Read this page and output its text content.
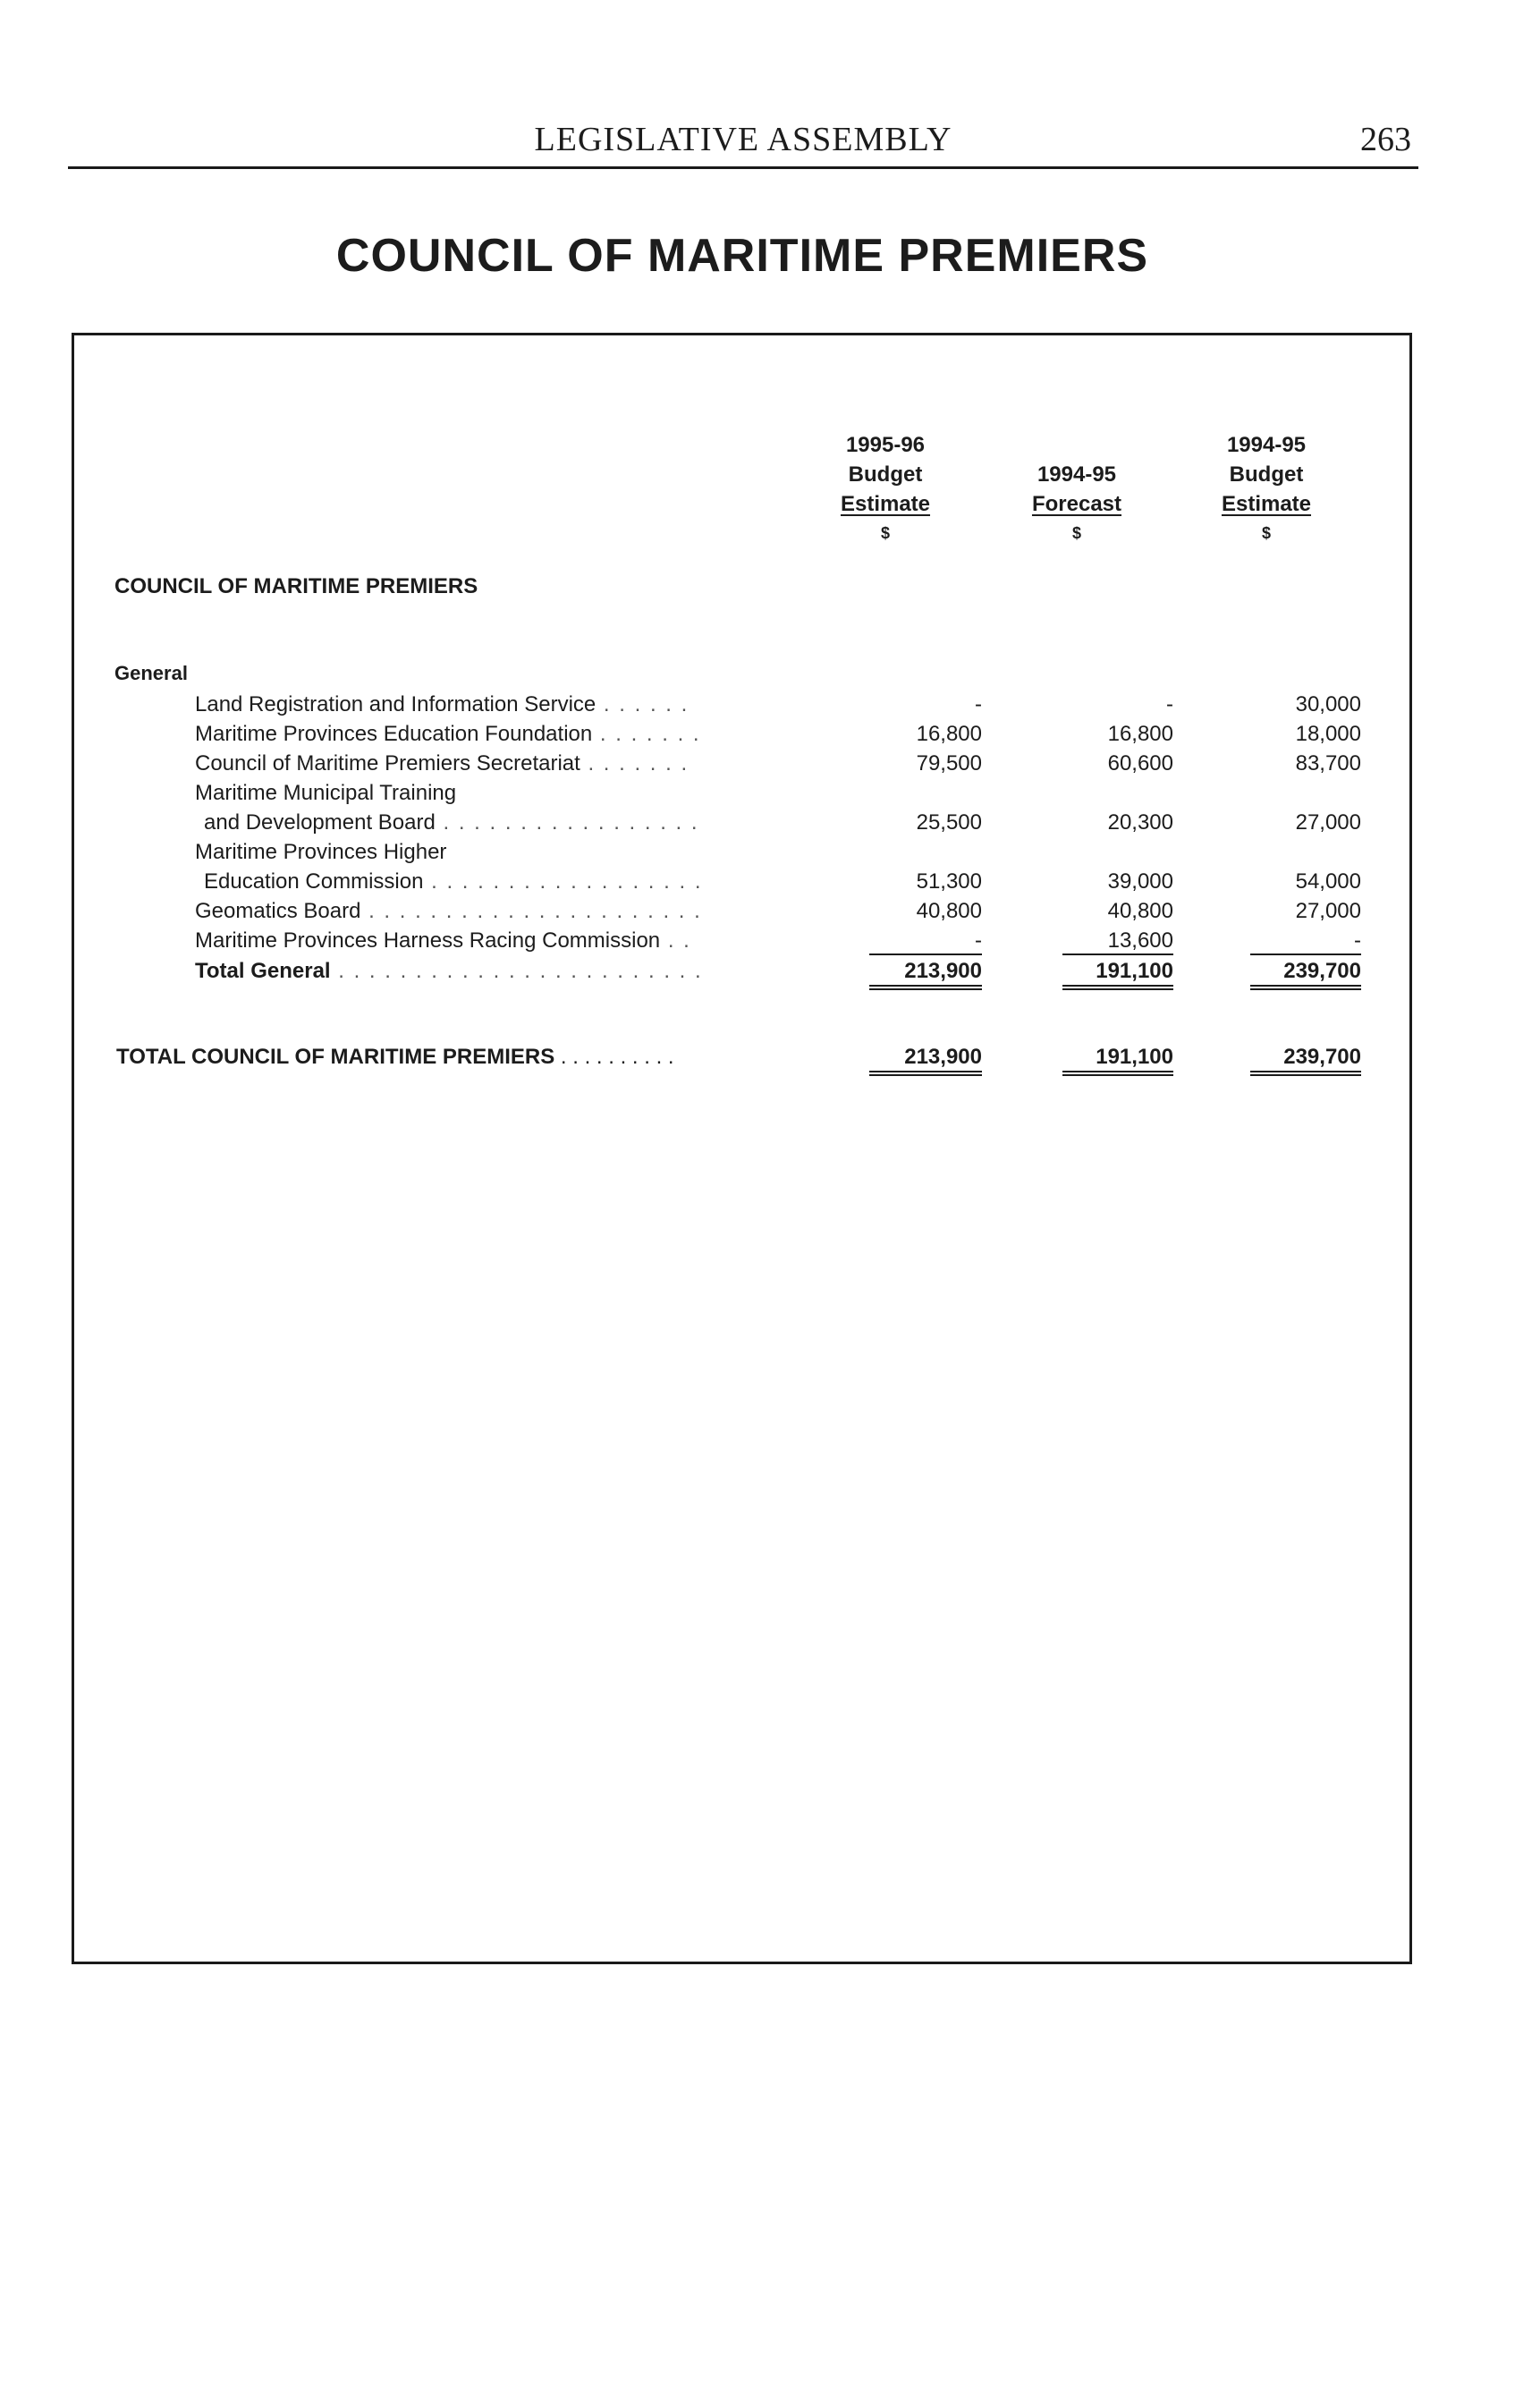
LEGISLATIVE ASSEMBLY	263
COUNCIL OF MARITIME PREMIERS
1995-96
Budget
Estimate
$

1994-95
Forecast
$
1994-95
Budget
Estimate
$
COUNCIL OF MARITIME PREMIERS
General
Land Registration and Information Service . . . . . .	-	-	30,000
Maritime Provinces Education Foundation . . . . . . .	16,800	16,800	18,000
Council of Maritime Premiers Secretariat . . . . . . .	79,500	60,600	83,700
Maritime Municipal Training
and Development Board . . . . . . . . . . . . . . . . .	25,500	20,300	27,000
Maritime Provinces Higher
Education Commission . . . . . . . . . . . . . . . . . .	51,300	39,000	54,000
Geomatics Board . . . . . . . . . . . . . . . . . . . . . .	40,800	40,800	27,000
Maritime Provinces Harness Racing Commission . .	-	13,600	-
Total General . . . . . . . . . . . . . . . . . . . . . . . .	213,900	191,100	239,700
TOTAL COUNCIL OF MARITIME PREMIERS . . . . . . . . . .	213,900	191,100	239,700
